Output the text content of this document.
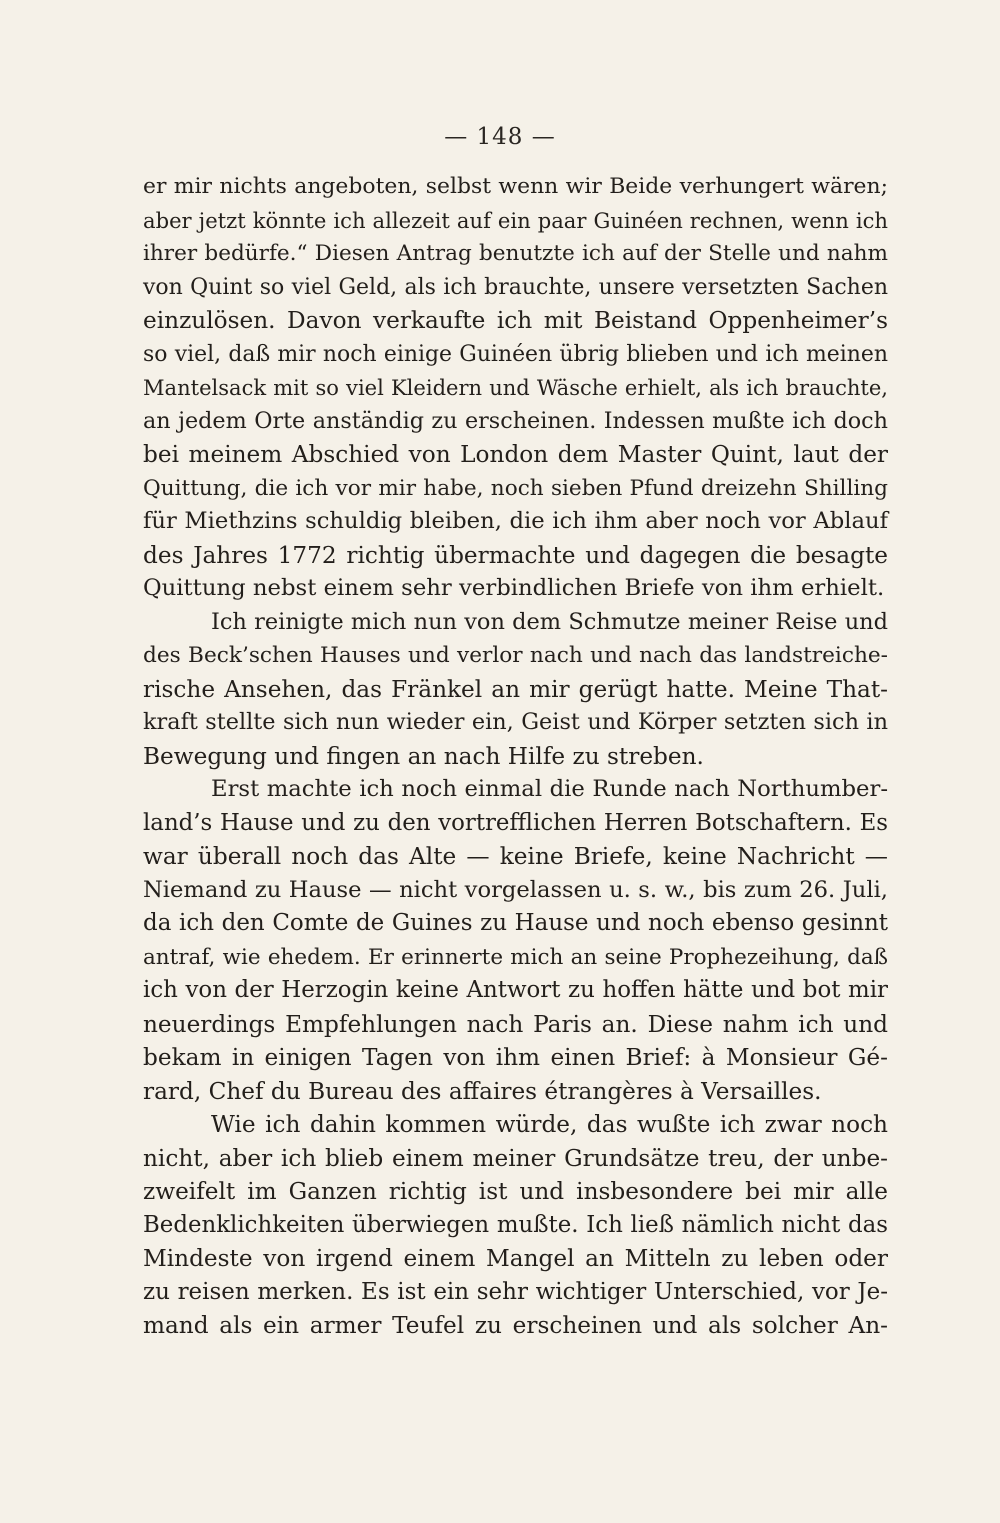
— 148 —

er mir nichts angeboten, selbst wenn wir Beide verhungert wären;
aber jetzt könnte ich allezeit auf ein paar Guinéen rechnen, wenn ich
ihrer bedürfe.“ Diesen Antrag benutzte ich auf der Stelle und nahm
von Quint so viel Geld, als ich brauchte, unsere versetzten Sachen
einzulösen. Davon verkaufte ich mit Beistand Oppenheimer’s
so viel, daß mir noch einige Guinéen übrig blieben und ich meinen
Mantelsack mit so viel Kleidern und Wäsche erhielt, als ich brauchte,
an jedem Orte anständig zu erscheinen. Indessen mußte ich doch
bei meinem Abschied von London dem Master Quint, laut der
Quittung, die ich vor mir habe, noch sieben Pfund dreizehn Shilling
für Miethzins schuldig bleiben, die ich ihm aber noch vor Ablauf
des Jahres 1772 richtig übermachte und dagegen die besagte
Quittung nebst einem sehr verbindlichen Briefe von ihm erhielt.

Ich reinigte mich nun von dem Schmutze meiner Reise und
des Beck’schen Hauses und verlor nach und nach das landstreiche-
rische Ansehen, das Fränkel an mir gerügt hatte. Meine That-
kraft stellte sich nun wieder ein, Geist und Körper setzten sich in
Bewegung und fingen an nach Hilfe zu streben.

Erst machte ich noch einmal die Runde nach Northumber-
land’s Hause und zu den vortrefflichen Herren Botschaftern. Es
war überall noch das Alte — keine Briefe, keine Nachricht —
Niemand zu Hause — nicht vorgelassen u. s. w., bis zum 26. Juli,
da ich den Comte de Guines zu Hause und noch ebenso gesinnt
antraf, wie ehedem. Er erinnerte mich an seine Prophezeihung, daß
ich von der Herzogin keine Antwort zu hoffen hätte und bot mir
neuerdings Empfehlungen nach Paris an. Diese nahm ich und
bekam in einigen Tagen von ihm einen Brief: à Monsieur Gé-
rard, Chef du Bureau des affaires étrangères à Versailles.

Wie ich dahin kommen würde, das wußte ich zwar noch
nicht, aber ich blieb einem meiner Grundsätze treu, der unbe-
zweifelt im Ganzen richtig ist und insbesondere bei mir alle
Bedenklichkeiten überwiegen mußte. Ich ließ nämlich nicht das
Mindeste von irgend einem Mangel an Mitteln zu leben oder
zu reisen merken. Es ist ein sehr wichtiger Unterschied, vor Je-
mand als ein armer Teufel zu erscheinen und als solcher An-
